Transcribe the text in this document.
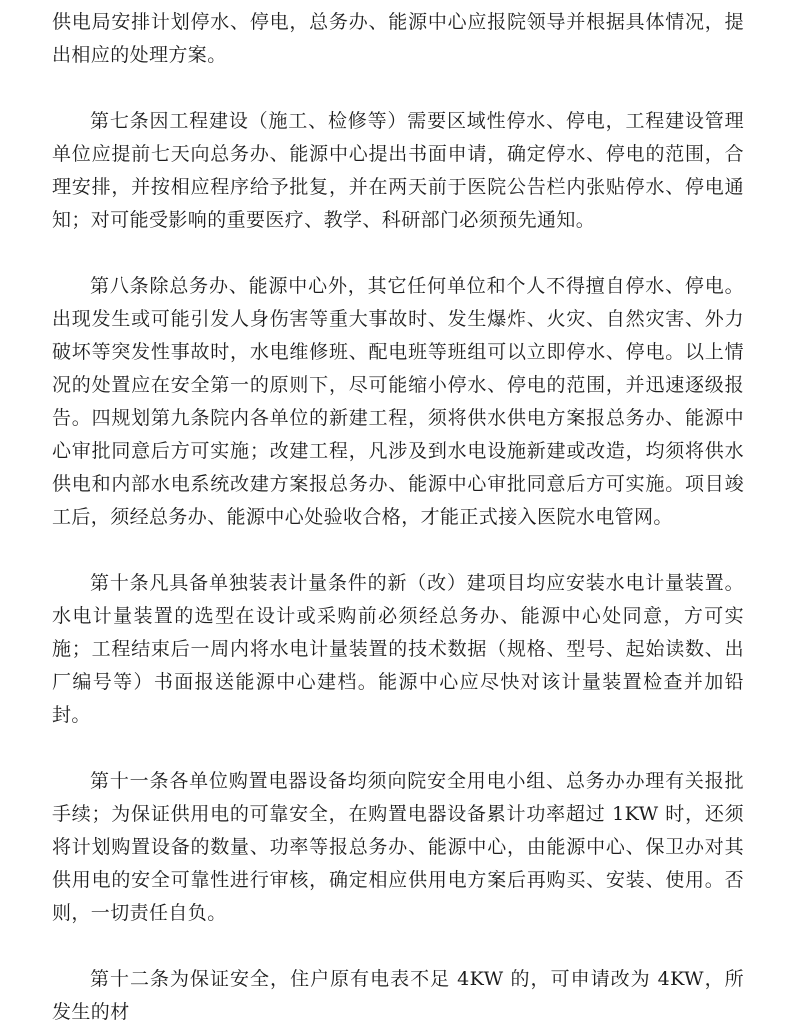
供电局安排计划停水、停电，总务办、能源中心应报院领导并根据具体情况，提出相应的处理方案。

第七条因工程建设（施工、检修等）需要区域性停水、停电，工程建设管理单位应提前七天向总务办、能源中心提出书面申请，确定停水、停电的范围，合理安排，并按相应程序给予批复，并在两天前于医院公告栏内张贴停水、停电通知；对可能受影响的重要医疗、教学、科研部门必须预先通知。

第八条除总务办、能源中心外，其它任何单位和个人不得擅自停水、停电。出现发生或可能引发人身伤害等重大事故时、发生爆炸、火灾、自然灾害、外力破坏等突发性事故时，水电维修班、配电班等班组可以立即停水、停电。以上情况的处置应在安全第一的原则下，尽可能缩小停水、停电的范围，并迅速逐级报告。四规划第九条院内各单位的新建工程，须将供水供电方案报总务办、能源中心审批同意后方可实施；改建工程，凡涉及到水电设施新建或改造，均须将供水供电和内部水电系统改建方案报总务办、能源中心审批同意后方可实施。项目竣工后，须经总务办、能源中心处验收合格，才能正式接入医院水电管网。

第十条凡具备单独装表计量条件的新（改）建项目均应安装水电计量装置。水电计量装置的选型在设计或采购前必须经总务办、能源中心处同意，方可实施；工程结束后一周内将水电计量装置的技术数据（规格、型号、起始读数、出厂编号等）书面报送能源中心建档。能源中心应尽快对该计量装置检查并加铅封。

第十一条各单位购置电器设备均须向院安全用电小组、总务办办理有关报批手续；为保证供用电的可靠安全，在购置电器设备累计功率超过 1KW 时，还须将计划购置设备的数量、功率等报总务办、能源中心，由能源中心、保卫办对其供用电的安全可靠性进行审核，确定相应供用电方案后再购买、安装、使用。否则，一切责任自负。

第十二条为保证安全，住户原有电表不足 4KW 的，可申请改为 4KW，所发生的材
